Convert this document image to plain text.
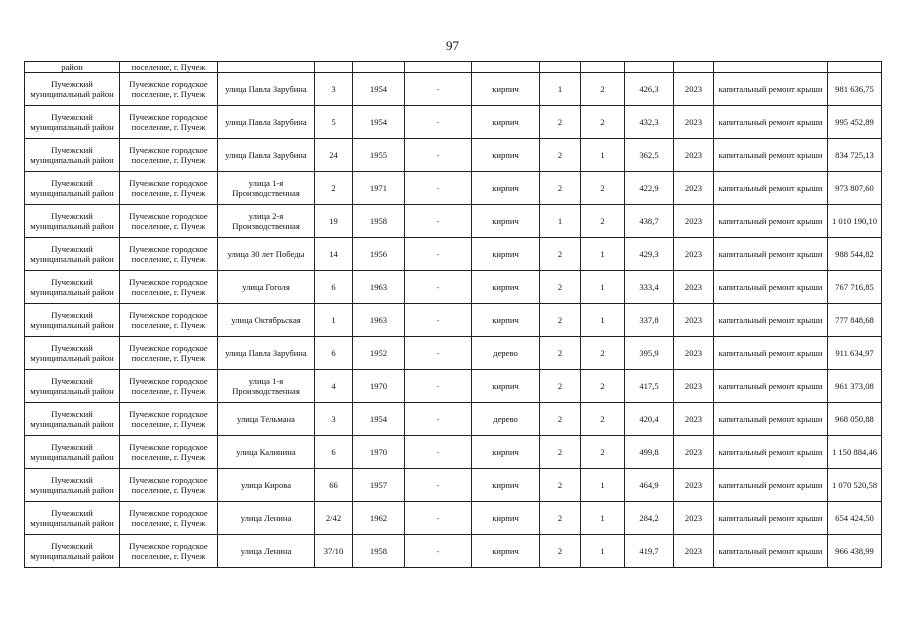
97
район	поселение, г. Пучеж											
Пучежский муниципальный район	Пучежское городское поселение, г. Пучеж	улица Павла Зарубина	3	1954	-	кирпич	1	2	426,3	2023	капитальный ремонт крыши	981 636,75
Пучежский муниципальный район	Пучежское городское поселение, г. Пучеж	улица Павла Зарубина	5	1954	-	кирпич	2	2	432,3	2023	капитальный ремонт крыши	995 452,89
Пучежский муниципальный район	Пучежское городское поселение, г. Пучеж	улица Павла Зарубина	24	1955	-	кирпич	2	1	362,5	2023	капитальный ремонт крыши	834 725,13
Пучежский муниципальный район	Пучежское городское поселение, г. Пучеж	улица 1-я Производственная	2	1971	-	кирпич	2	2	422,9	2023	капитальный ремонт крыши	973 807,60
Пучежский муниципальный район	Пучежское городское поселение, г. Пучеж	улица 2-я Производственная	19	1958	-	кирпич	1	2	438,7	2023	капитальный ремонт крыши	1 010 190,10
Пучежский муниципальный район	Пучежское городское поселение, г. Пучеж	улица 30 лет Победы	14	1956	-	кирпич	2	1	429,3	2023	капитальный ремонт крыши	988 544,82
Пучежский муниципальный район	Пучежское городское поселение, г. Пучеж	улица Гоголя	6	1963	-	кирпич	2	1	333,4	2023	капитальный ремонт крыши	767 716,85
Пучежский муниципальный район	Пучежское городское поселение, г. Пучеж	улица Октябрьская	1	1963	-	кирпич	2	1	337,8	2023	капитальный ремонт крыши	777 848,68
Пучежский муниципальный район	Пучежское городское поселение, г. Пучеж	улица Павла Зарубина	6	1952	-	дерево	2	2	395,9	2023	капитальный ремонт крыши	911 634,97
Пучежский муниципальный район	Пучежское городское поселение, г. Пучеж	улица 1-я Производственная	4	1970	-	кирпич	2	2	417,5	2023	капитальный ремонт крыши	961 373,08
Пучежский муниципальный район	Пучежское городское поселение, г. Пучеж	улица Тельмана	3	1954	-	дерево	2	2	420,4	2023	капитальный ремонт крыши	968 050,88
Пучежский муниципальный район	Пучежское городское поселение, г. Пучеж	улица Калинина	6	1970	-	кирпич	2	2	499,8	2023	капитальный ремонт крыши	1 150 884,46
Пучежский муниципальный район	Пучежское городское поселение, г. Пучеж	улица Кирова	66	1957	-	кирпич	2	1	464,9	2023	капитальный ремонт крыши	1 070 520,58
Пучежский муниципальный район	Пучежское городское поселение, г. Пучеж	улица Ленина	2/42	1962	-	кирпич	2	1	284,2	2023	капитальный ремонт крыши	654 424,50
Пучежский муниципальный район	Пучежское городское поселение, г. Пучеж	улица Ленина	37/10	1958	-	кирпич	2	1	419,7	2023	капитальный ремонт крыши	966 438,99
